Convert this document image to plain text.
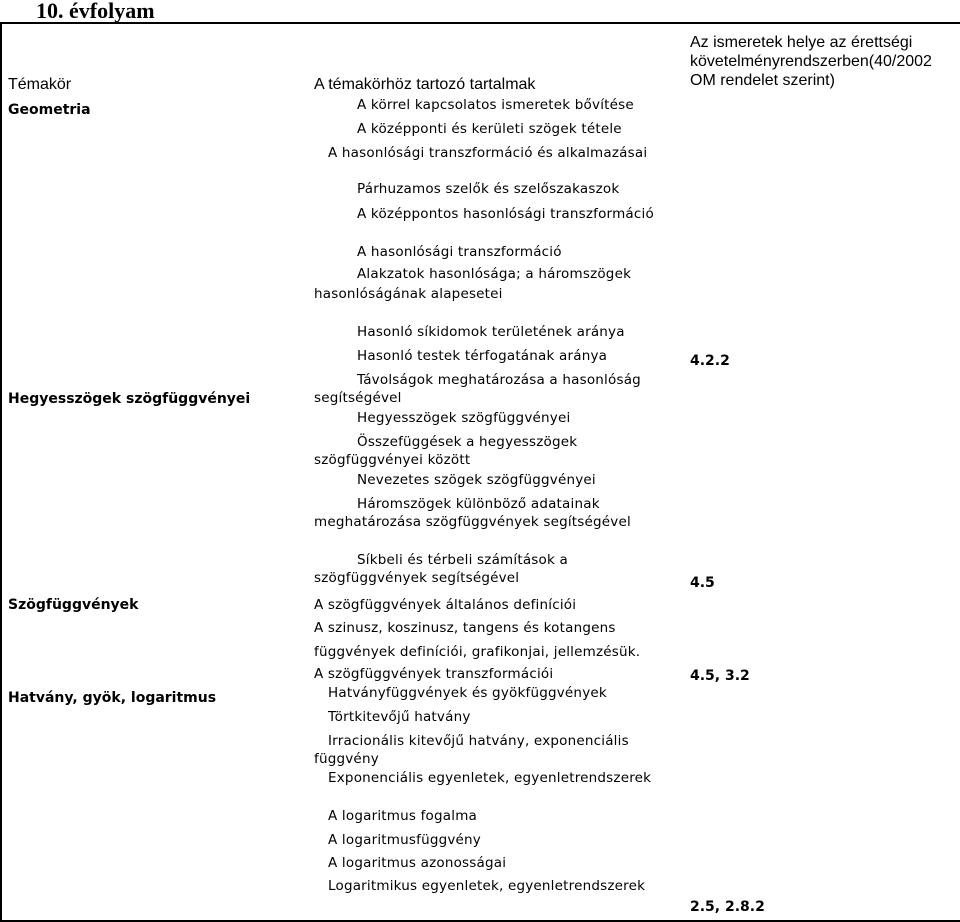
10. évfolyam
Témakör	A témakörhöz tartozó tartalmak
Az ismeretek helye az érettségi
követelményrendszerben(40/2002
OM rendelet szerint)
Geometria
Hegyesszögek szögfüggvényei
Szögfüggvények
Hatvány, gyök, logaritmus
A körrel kapcsolatos ismeretek bővítése
A középponti és kerületi szögek tétele
A hasonlósági transzformáció és alkalmazásai
Párhuzamos szelők és szelőszakaszok
A középpontos hasonlósági transzformáció
A hasonlósági transzformáció
Alakzatok hasonlósága; a háromszögek
hasonlóságának alapesetei
Hasonló síkidomok területének aránya
Hasonló testek térfogatának aránya
Távolságok meghatározása a hasonlóság
segítségével
Hegyesszögek szögfüggvényei
Összefüggések a hegyesszögek
szögfüggvényei között
Nevezetes szögek szögfüggvényei
Háromszögek különböző adatainak
meghatározása szögfüggvények segítségével
Síkbeli és térbeli számítások a
szögfüggvények segítségével
A szögfüggvények általános definíciói
A szinusz, koszinusz, tangens és kotangens
függvények definíciói, grafikonjai, jellemzésük.
A szögfüggvények transzformációi
Hatványfüggvények és gyökfüggvények
Törtkitevőjű hatvány
Irracionális kitevőjű hatvány, exponenciális
függvény
Exponenciális egyenletek, egyenletrendszerek
A logaritmus fogalma
A logaritmusfüggvény
A logaritmus azonosságai
Logaritmikus egyenletek, egyenletrendszerek
4.2.2
4.5
4.5, 3.2
2.5, 2.8.2
